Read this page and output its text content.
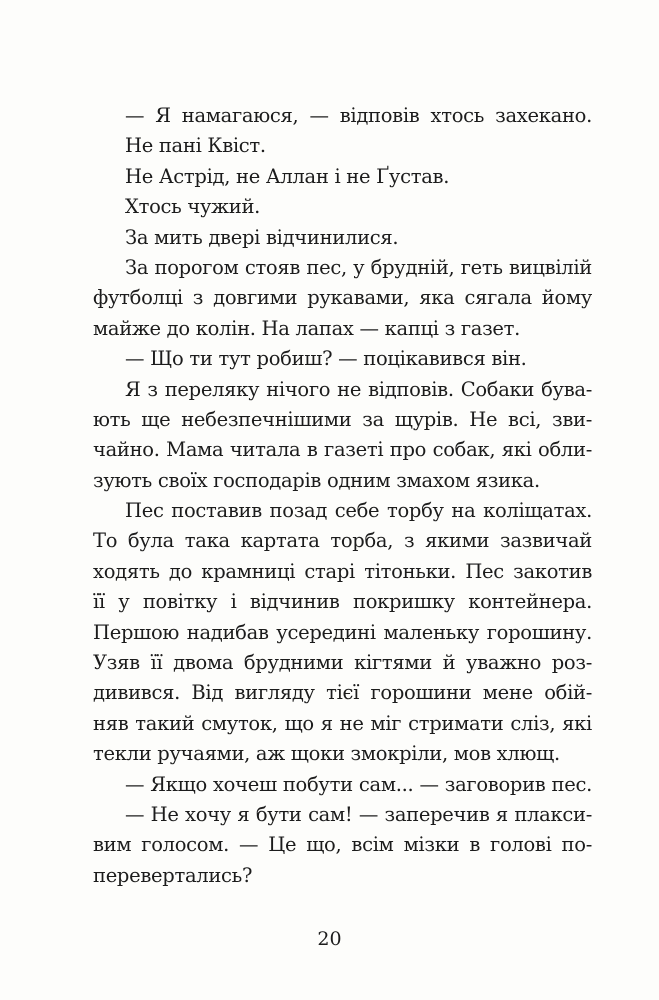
— Я намагаюся, — відповів хтось захекано.
Не пані Квіст.
Не Астрід, не Аллан і не Ґустав.
Хтось чужий.
За мить двері відчинилися.
За порогом стояв пес, у брудній, геть вицвілій
футболці з довгими рукавами, яка сягала йому
майже до колін. На лапах — капці з газет.
— Що ти тут робиш? — поцікавився він.
Я з переляку нічого не відповів. Собаки бува-
ють ще небезпечнішими за щурів. Не всі, зви-
чайно. Мама читала в газеті про собак, які обли-
зують своїх господарів одним змахом язика.
Пес поставив позад себе торбу на коліщатах.
То була така картата торба, з якими зазвичай
ходять до крамниці старі тітоньки. Пес закотив
її у повітку і відчинив покришку контейнера.
Першою надибав усередині маленьку горошину.
Узяв її двома брудними кігтями й уважно роз-
дивився. Від вигляду тієї горошини мене обій-
няв такий смуток, що я не міг стримати сліз, які
текли ручаями, аж щоки змокріли, мов хлющ.
— Якщо хочеш побути сам... — заговорив пес.
— Не хочу я бути сам! — заперечив я плакси-
вим голосом. — Це що, всім мізки в голові по-
перевертались?
20
